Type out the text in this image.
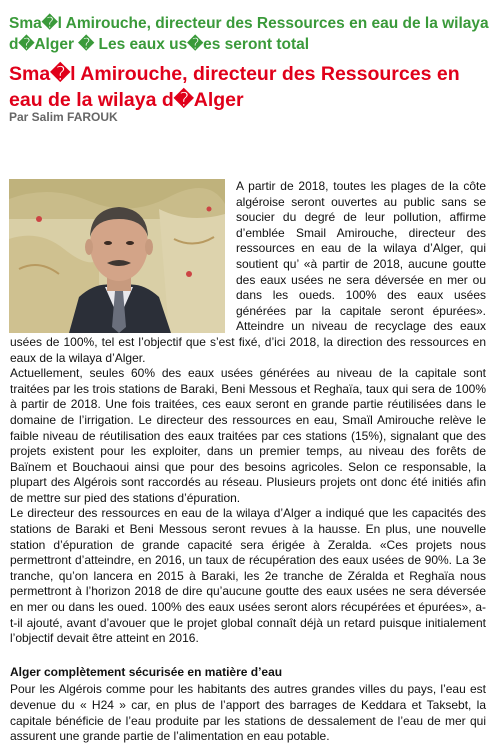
Sma�l Amirouche, directeur des Ressources en eau de la wilaya d�Alger � Les eaux us�es seront total
Sma�l Amirouche, directeur des Ressources en eau de la wilaya d�Alger
Par Salim FAROUK

A partir de 2018, toutes les plages de la côte algéroise seront ouvertes au public sans se soucier du degré de leur pollution, affirme d’emblée Smail Amirouche, directeur des ressources en eau de la wilaya d’Alger, qui soutient qu’ «à partir de 2018, aucune goutte des eaux usées ne sera déversée en mer ou dans les oueds. 100% des eaux usées générées par la capitale seront épurées». Atteindre un niveau de recyclage des eaux usées de 100%, tel est l’objectif que s’est fixé, d’ici 2018, la direction des ressources en eaux de la wilaya d’Alger.

Actuellement, seules 60% des eaux usées générées au niveau de la capitale sont traitées par les trois stations de Baraki, Beni Messous et Reghaïa, taux qui sera de 100% à partir de 2018. Une fois traitées, ces eaux seront en grande partie réutilisées dans le domaine de l’irrigation. Le directeur des ressources en eau, Smaïl Amirouche relève le faible niveau de réutilisation des eaux traitées par ces stations (15%), signalant que des projets existent pour les exploiter, dans un premier temps, au niveau des forêts de Baïnem et Bouchaoui ainsi que pour des besoins agricoles. Selon ce responsable, la plupart des Algérois sont raccordés au réseau. Plusieurs projets ont donc été initiés afin de mettre sur pied des stations d’épuration.

Le directeur des ressources en eau de la wilaya d’Alger a indiqué que les capacités des stations de Baraki et Beni Messous seront revues à la hausse. En plus, une nouvelle station d’épuration de grande capacité sera érigée à Zeralda. «Ces projets nous permettront d’atteindre, en 2016, un taux de récupération des eaux usées de 90%. La 3e tranche, qu’on lancera en 2015 à Baraki, les 2e tranche de Zéralda et Reghaïa nous permettront à l’horizon 2018 de dire qu’aucune goutte des eaux usées ne sera déversée en mer ou dans les oued. 100% des eaux usées seront alors récupérées et épurées», a-t-il ajouté, avant d’avouer que le projet global connaît déjà un retard puisque initialement l’objectif devait être atteint en 2016.

Alger complètement sécurisée en matière d’eau

Pour les Algérois comme pour les habitants des autres grandes villes du pays, l’eau est devenue du « H24 » car, en plus de l’apport des barrages de Keddara et Taksebt, la capitale bénéficie de l’eau produite par les stations de dessalement de l’eau de mer qui assurent une grande partie de l’alimentation en eau potable.
